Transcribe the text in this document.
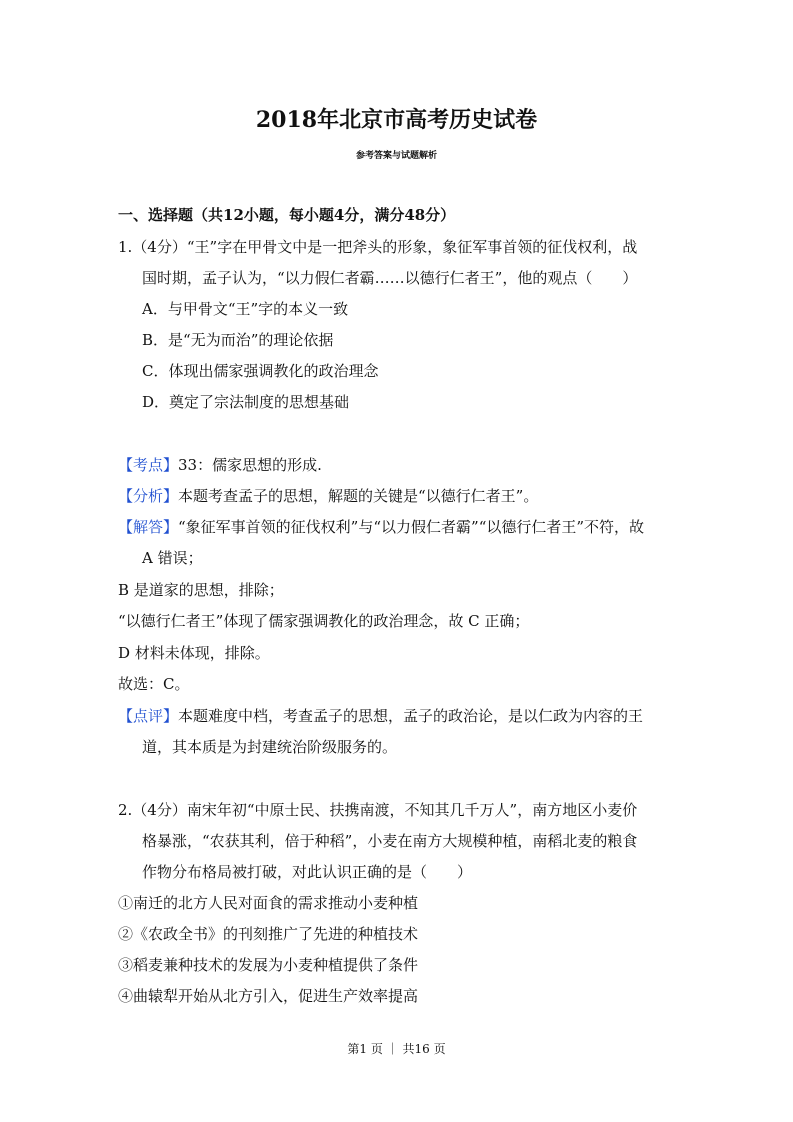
2018年北京市高考历史试卷
参考答案与试题解析
一、选择题（共12小题，每小题4分，满分48分）
1.（4分）“王”字在甲骨文中是一把斧头的形象，象征军事首领的征伐权利，战
国时期，孟子认为，“以力假仁者霸……以德行仁者王”，他的观点（　　）
A．与甲骨文“王”字的本义一致
B．是“无为而治”的理论依据
C．体现出儒家强调教化的政治理念
D．奠定了宗法制度的思想基础
【考点】33：儒家思想的形成.
【分析】本题考查孟子的思想，解题的关键是“以德行仁者王”。
【解答】“象征军事首领的征伐权利”与“以力假仁者霸”“以德行仁者王”不符，故
A 错误；
B 是道家的思想，排除；
“以德行仁者王”体现了儒家强调教化的政治理念，故 C 正确；
D 材料未体现，排除。
故选：C。
【点评】本题难度中档，考查孟子的思想，孟子的政治论，是以仁政为内容的王
道，其本质是为封建统治阶级服务的。
2.（4分）南宋年初“中原士民、扶携南渡，不知其几千万人”，南方地区小麦价
格暴涨，“农获其利，倍于种稻”，小麦在南方大规模种植，南稻北麦的粮食
作物分布格局被打破，对此认识正确的是（　　）
①南迁的北方人民对面食的需求推动小麦种植
②《农政全书》的刊刻推广了先进的种植技术
③稻麦兼种技术的发展为小麦种植提供了条件
④曲辕犁开始从北方引入，促进生产效率提高
第1 页 ｜ 共16 页
